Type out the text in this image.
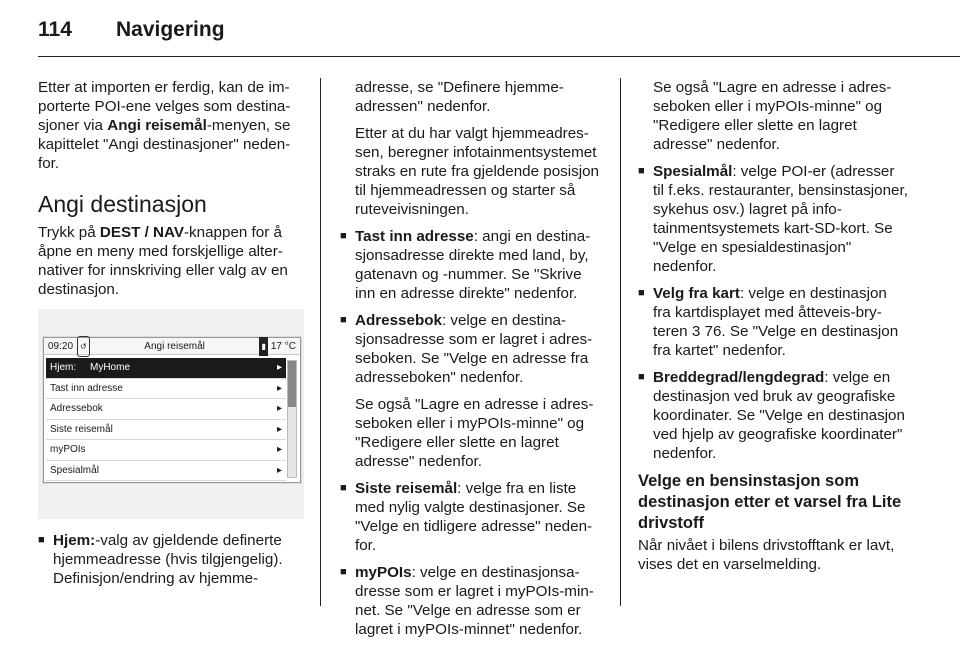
114 Navigering

Etter at importen er ferdig, kan de importerte POI-ene velges som destinasjoner via Angi reisemål-menyen, se kapittelet "Angi destinasjoner" nedenfor.

Angi destinasjon

Trykk på DEST / NAV-knappen for å åpne en meny med forskjellige alternativer for innskriving eller valg av en destinasjon.

09:20 ↺	Angi reisemål	▮ 17 °C
Hjem:     MyHome	▸
Tast inn adresse	▸
Adressebok	▸
Siste reisemål	▸
myPOIs	▸
Spesialmål	▸
■ Hjem:-valg av gjeldende definerte hjemmeadresse (hvis tilgjengelig). Definisjon/endring av hjemme-

adresse, se "Definere hjemmeadressen" nedenfor.

Etter at du har valgt hjemmeadressen, beregner infotainmentsystemet straks en rute fra gjeldende posisjon til hjemmeadressen og starter så ruteveivisningen.

■ Tast inn adresse: angi en destinasjonsadresse direkte med land, by, gatenavn og -nummer. Se "Skrive inn en adresse direkte" nedenfor.
■ Adressebok: velge en destinasjonsadresse som er lagret i adresseboken. Se "Velge en adresse fra adresseboken" nedenfor.

Se også "Lagre en adresse i adresseboken eller i myPOIs-minne" og "Redigere eller slette en lagret adresse" nedenfor.

■ Siste reisemål: velge fra en liste med nylig valgte destinasjoner. Se "Velge en tidligere adresse" nedenfor.
■ myPOIs: velge en destinasjonsadresse som er lagret i myPOIs-minnet. Se "Velge en adresse som er lagret i myPOIs-minnet" nedenfor.

Se også "Lagre en adresse i adresseboken eller i myPOIs-minne" og "Redigere eller slette en lagret adresse" nedenfor.

■ Spesialmål: velge POI-er (adresser til f.eks. restauranter, bensinstasjoner, sykehus osv.) lagret på infotainmentsystemets kart-SD-kort. Se "Velge en spesialdestinasjon" nedenfor.
■ Velg fra kart: velge en destinasjon fra kartdisplayet med åtteveis-bryteren 3 76. Se "Velge en destinasjon fra kartet" nedenfor.
■ Breddegrad/lengdegrad: velge en destinasjon ved bruk av geografiske koordinater. Se "Velge en destinasjon ved hjelp av geografiske koordinater" nedenfor.
Velge en bensinstasjon som destinasjon etter et varsel fra Lite drivstoff

Når nivået i bilens drivstofftank er lavt, vises det en varselmelding.
